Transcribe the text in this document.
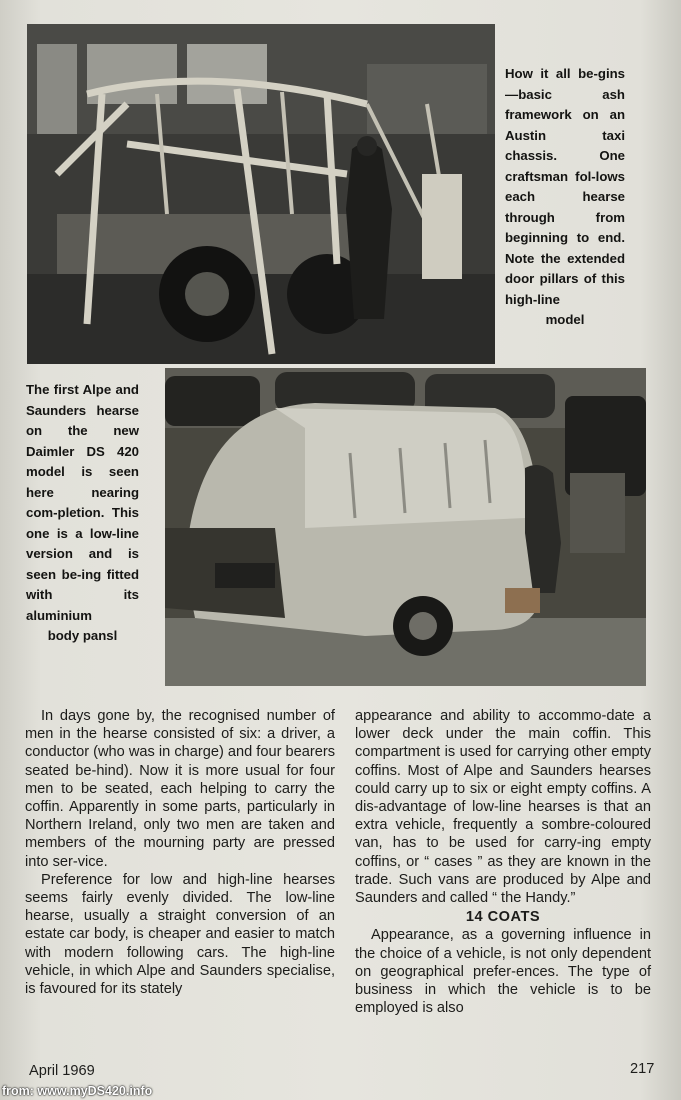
How it all be-gins—basic ash framework on an Austin taxi chassis. One craftsman fol-lows each hearse through from beginning to end. Note the extended door pillars of this high-line
model
The first Alpe and Saunders hearse on the new Daimler DS 420 model is seen here nearing com-pletion. This one is a low-line version and is seen be-ing fitted with its aluminium
body pansl

In days gone by, the recognised number of men in the hearse consisted of six: a driver, a conductor (who was in charge) and four bearers seated be-hind). Now it is more usual for four men to be seated, each helping to carry the coffin. Apparently in some parts, particularly in Northern Ireland, only two men are taken and members of the mourning party are pressed into ser-vice.

Preference for low and high-line hearses seems fairly evenly divided. The low-line hearse, usually a straight conversion of an estate car body, is cheaper and easier to match with modern following cars. The high-line vehicle, in which Alpe and Saunders specialise, is favoured for its stately

appearance and ability to accommo-date a lower deck under the main coffin. This compartment is used for carrying other empty coffins. Most of Alpe and Saunders hearses could carry up to six or eight empty coffins. A dis-advantage of low-line hearses is that an extra vehicle, frequently a sombre-coloured van, has to be used for carry-ing empty coffins, or “ cases ” as they are known in the trade. Such vans are produced by Alpe and Saunders and called “ the Handy.”

14 COATS

Appearance, as a governing influence in the choice of a vehicle, is not only dependent on geographical prefer-ences. The type of business in which the vehicle is to be employed is also

April 1969	217
from: www.myDS420.info
